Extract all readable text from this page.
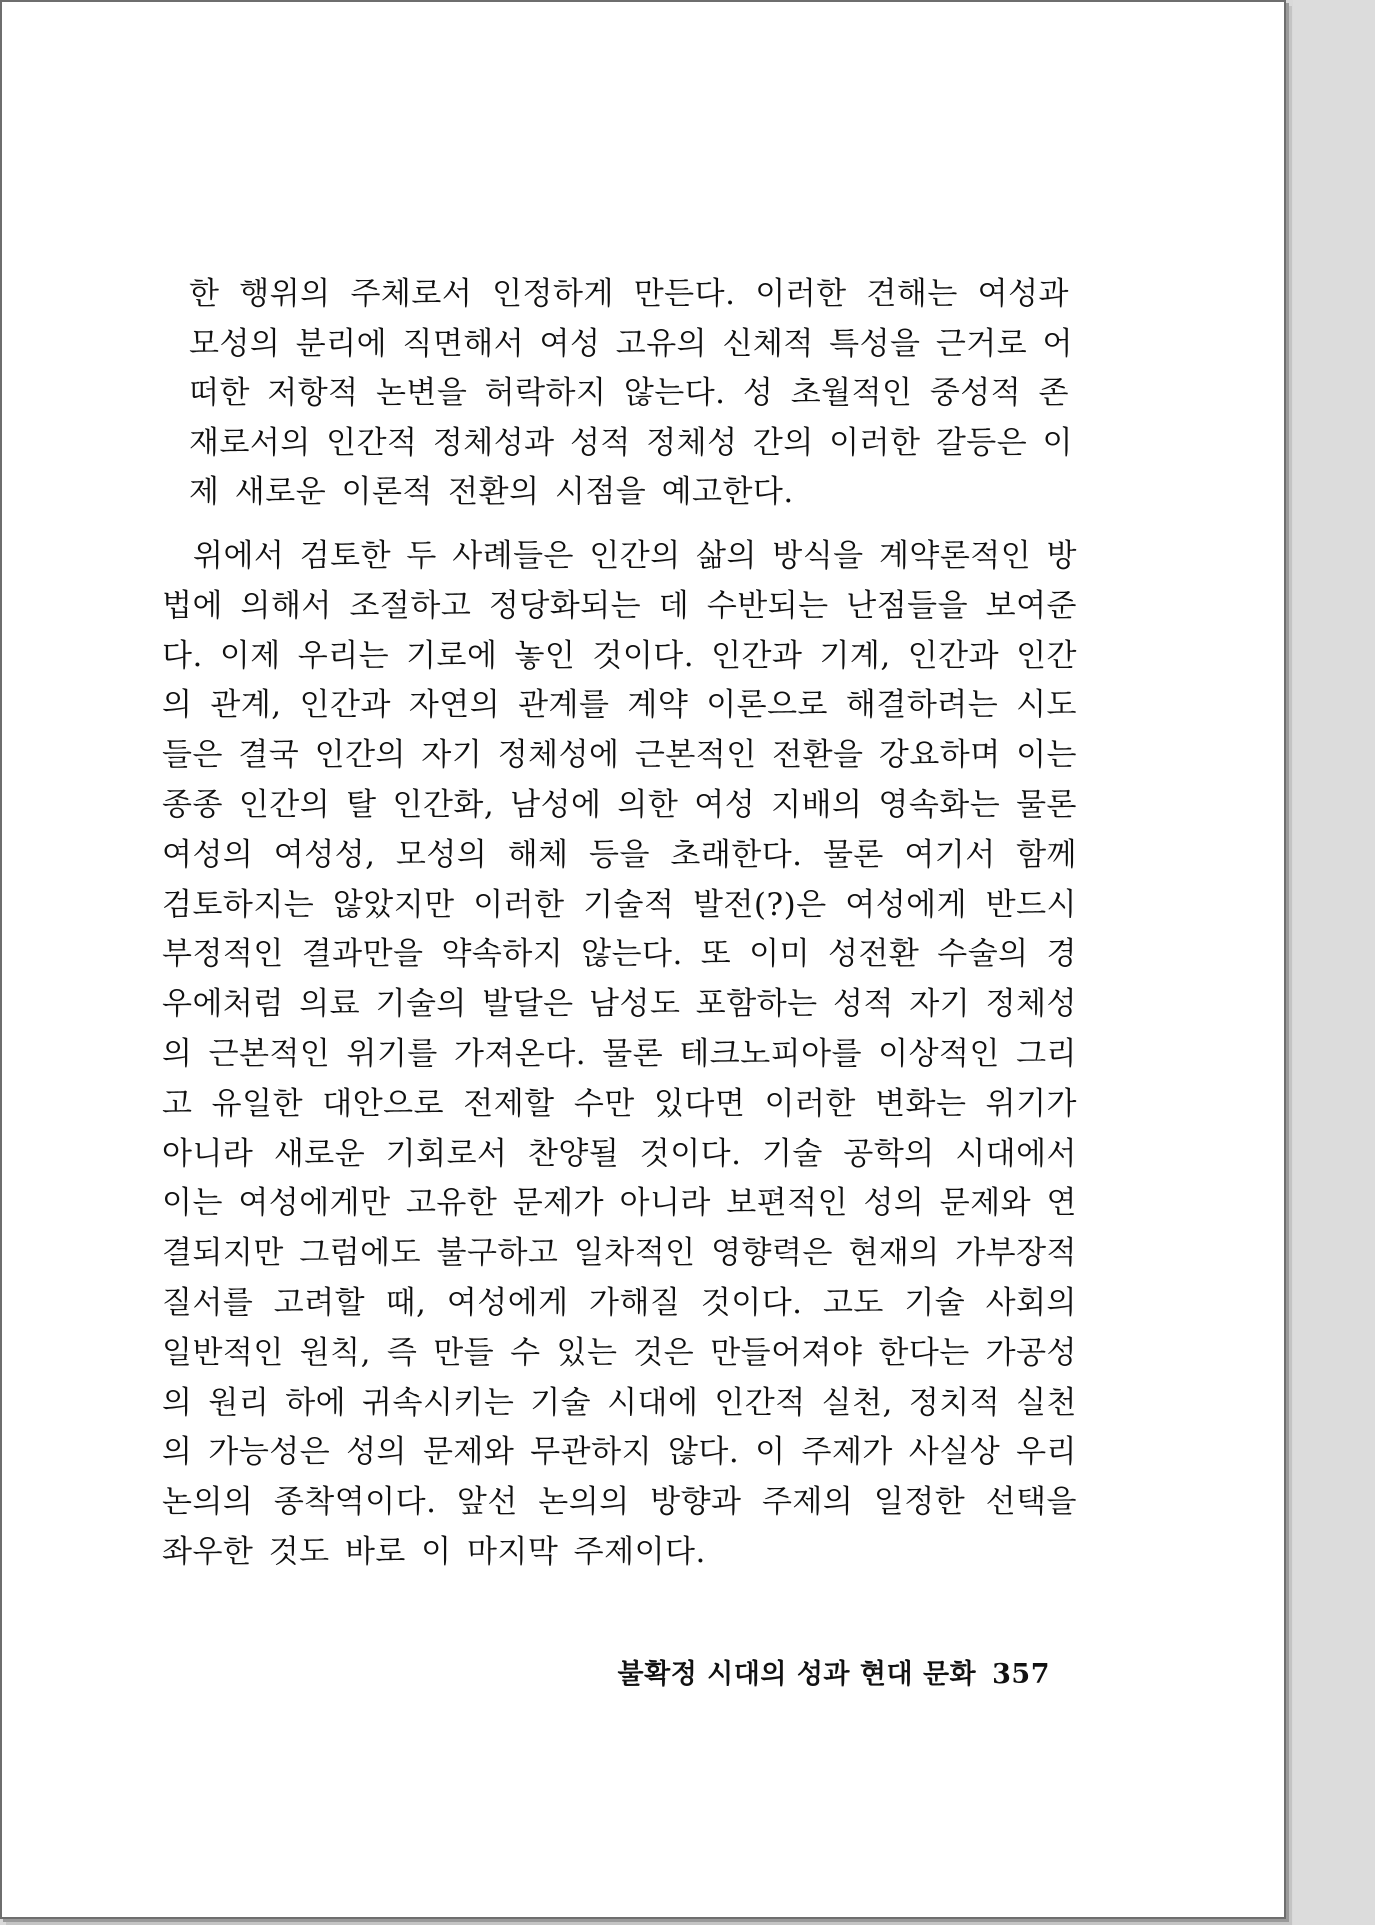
한 행위의 주체로서 인정하게 만든다. 이러한 견해는 여성과
모성의 분리에 직면해서 여성 고유의 신체적 특성을 근거로 어
떠한 저항적 논변을 허락하지 않는다. 성 초월적인 중성적 존
재로서의 인간적 정체성과 성적 정체성 간의 이러한 갈등은 이
제 새로운 이론적 전환의 시점을 예고한다.
위에서 검토한 두 사례들은 인간의 삶의 방식을 계약론적인 방
법에 의해서 조절하고 정당화되는 데 수반되는 난점들을 보여준
다. 이제 우리는 기로에 놓인 것이다. 인간과 기계, 인간과 인간
의 관계, 인간과 자연의 관계를 계약 이론으로 해결하려는 시도
들은 결국 인간의 자기 정체성에 근본적인 전환을 강요하며 이는
종종 인간의 탈 인간화, 남성에 의한 여성 지배의 영속화는 물론
여성의 여성성, 모성의 해체 등을 초래한다. 물론 여기서 함께
검토하지는 않았지만 이러한 기술적 발전(?)은 여성에게 반드시
부정적인 결과만을 약속하지 않는다. 또 이미 성전환 수술의 경
우에처럼 의료 기술의 발달은 남성도 포함하는 성적 자기 정체성
의 근본적인 위기를 가져온다. 물론 테크노피아를 이상적인 그리
고 유일한 대안으로 전제할 수만 있다면 이러한 변화는 위기가
아니라 새로운 기회로서 찬양될 것이다. 기술 공학의 시대에서
이는 여성에게만 고유한 문제가 아니라 보편적인 성의 문제와 연
결되지만 그럼에도 불구하고 일차적인 영향력은 현재의 가부장적
질서를 고려할 때, 여성에게 가해질 것이다. 고도 기술 사회의
일반적인 원칙, 즉 만들 수 있는 것은 만들어져야 한다는 가공성
의 원리 하에 귀속시키는 기술 시대에 인간적 실천, 정치적 실천
의 가능성은 성의 문제와 무관하지 않다. 이 주제가 사실상 우리
논의의 종착역이다. 앞선 논의의 방향과 주제의 일정한 선택을
좌우한 것도 바로 이 마지막 주제이다.
불확정 시대의 성과 현대 문화 357
